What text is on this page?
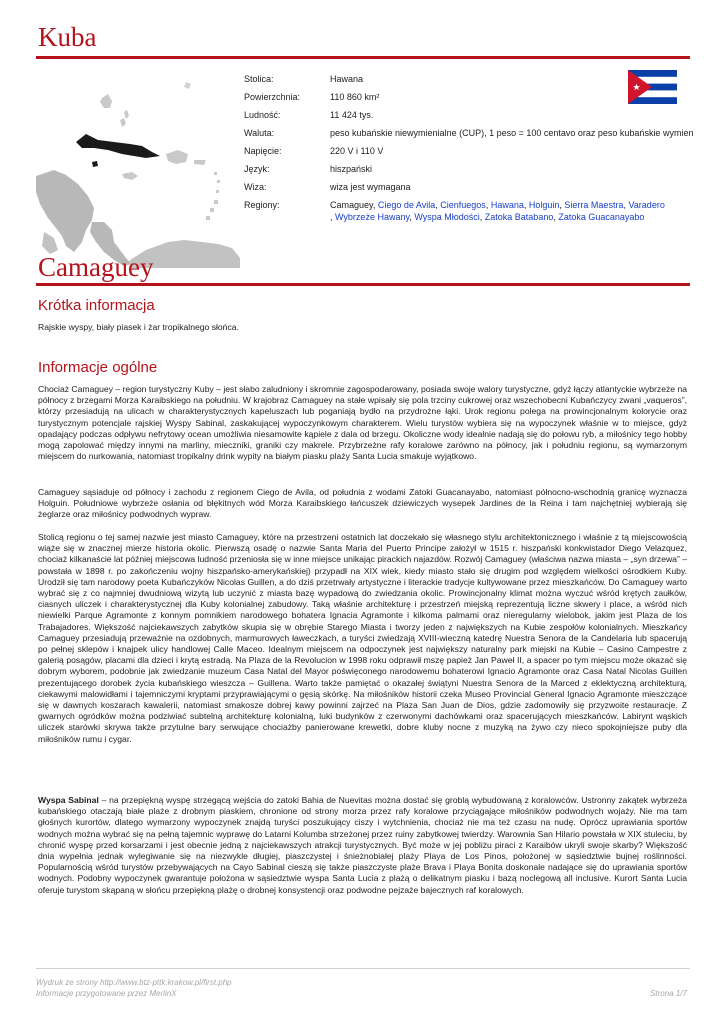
Kuba
Stolica:	Hawana
Powierzchnia:	110 860 km²
Ludność:	11 424 tys.
Waluta:	peso kubańskie niewymienialne (CUP), 1 peso = 100 centavo oraz peso kubańskie wymien
Napięcie:	220 V i 110 V
Język:	hiszpański
Wiza:	wiza jest wymagana
Regiony:	Camaguey, Ciego de Avila, Cienfuegos, Hawana, Holguin, Sierra Maestra, Varadero
, Wybrzeże Hawany, Wyspa Młodości, Zatoka Batabano, Zatoka Guacanayabo
Camaguey
Krótka informacja

Rajskie wyspy, biały piasek i żar tropikalnego słońca.

Informacje ogólne

Chociaż Camaguey – region turystyczny Kuby – jest słabo zaludniony i skromnie zagospodarowany, posiada swoje walory turystyczne, gdyż łączy atlantyckie wybrzeże na północy z brzegami Morza Karaibskiego na południu. W krajobraz Camaguey na stałe wpisały się pola trzciny cukrowej oraz wszechobecni Kubańczycy zwani „vaqueros”, którzy przesiadują na ulicach w charakterystycznych kapeluszach lub poganiają bydło na przydrożne łąki. Urok regionu polega na prowincjonalnym kolorycie oraz turystycznym potencjale rajskiej Wyspy Sabinal, zaskakującej wypoczynkowym charakterem. Wielu turystów wybiera się na wypoczynek właśnie w to miejsce, gdyż opadający podczas odpływu nefrytowy ocean umożliwia niesamowite kąpiele z dala od brzegu. Okoliczne wody idealnie nadają się do połowu ryb, a miłośnicy tego hobby mogą zapolować między innymi na marliny, mieczniki, graniki czy makrele. Przybrzeżne rafy koralowe zarówno na północy, jak i południu regionu, są wymarzonym miejscem do nurkowania, natomiast tropikalny drink wypity na białym piasku plaży Santa Lucia smakuje wyjątkowo.

Camaguey sąsiaduje od północy i zachodu z regionem Ciego de Avila, od południa z wodami Zatoki Guacanayabo, natomiast północno-wschodnią granicę wyznacza Holguin. Południowe wybrzeże osłania od błękitnych wód Morza Karaibskiego łańcuszek dziewiczych wysepek Jardines de la Reina i tam najchętniej wybierają się żeglarze oraz miłośnicy podwodnych wypraw.

Stolicą regionu o tej samej nazwie jest miasto Camaguey, które na przestrzeni ostatnich lat doczekało się własnego stylu architektonicznego i właśnie z tą miejscowością wiąże się w znacznej mierze historia okolic. Pierwszą osadę o nazwie Santa Maria del Puerto Principe założył w 1515 r. hiszpański konkwistador Diego Velazquez, chociaż kilkanaście lat później miejscowa ludność przeniosła się w inne miejsce unikając pirackich najazdów. Rozwój Camaguey (właściwa nazwa miasta – „syn drzewa” – powstała w 1898 r. po zakończeniu wojny hiszpańsko-amerykańskiej) przypadł na XIX wiek, kiedy miasto stało się drugim pod względem wielkości ośrodkiem Kuby. Urodził się tam narodowy poeta Kubańczyków Nicolas Guillen, a do dziś przetrwały artystyczne i literackie tradycje kultywowane przez mieszkańców. Do Camaguey warto wybrać się z co najmniej dwudniową wizytą lub uczynić z miasta bazę wypadową do zwiedzania okolic. Prowincjonalny klimat można wyczuć wśród krętych zaułków, ciasnych uliczek i charakterystycznej dla Kuby kolonialnej zabudowy. Taką właśnie architekturę i przestrzeń miejską reprezentują liczne skwery i place, a wśród nich niewielki Parque Agramonte z konnym pomnikiem narodowego bohatera Ignacia Agramonte i kilkoma palmami oraz nieregularny wielobok, jakim jest Plaza de los Trabajadores. Większość najciekawszych zabytków skupia się w obrębie Starego Miasta i tworzy jeden z największych na Kubie zespołów kolonialnych. Mieszkańcy Camaguey przesiadują przeważnie na ozdobnych, marmurowych ławeczkach, a turyści zwiedzają XVIII-wieczną katedrę Nuestra Senora de la Candelaria lub spacerują po pełnej sklepów i knajpek ulicy handlowej Calle Maceo. Idealnym miejscem na odpoczynek jest największy naturalny park miejski na Kubie – Casino Campestre z galerią posągów, placami dla dzieci i krytą estradą. Na Plaza de la Revolucion w 1998 roku odprawił mszę papież Jan Paweł II, a spacer po tym miejscu może okazać się dobrym wyborem, podobnie jak zwiedzanie muzeum Casa Natal del Mayor poświęconego narodowemu bohaterowi Ignacio Agramonte oraz Casa Natal Nicolas Guillen prezentującego dorobek życia kubańskiego wieszcza – Guillena. Warto także pamiętać o okazałej świątyni Nuestra Senora de la Marced z eklektyczną architekturą, ciekawymi malowidłami i tajemniczymi kryptami przyprawiającymi o gęsią skórkę. Na miłośników historii czeka Museo Provincial General Ignacio Agramonte mieszczące się w dawnych koszarach kawalerii, natomiast smakosze dobrej kawy powinni zajrzeć na Plaza San Juan de Dios, gdzie zadomowiły się przyzwoite restauracje. Z gwarnych ogródków można podziwiać subtelną architekturę kolonialną, luki budynków z czerwonymi dachówkami oraz spacerujących mieszkańców. Labirynt wąskich uliczek starówki skrywa także przytulne bary serwujące chociażby panierowane krewetki, dobre kluby nocne z muzyką na żywo czy nieco spokojniejsze puby dla miłośników rumu i cygar.

Wyspa Sabinal – na przepiękną wyspę strzegącą wejścia do zatoki Bahia de Nuevitas można dostać się groblą wybudowaną z koralowców. Ustronny zakątek wybrzeża kubańskiego otaczają białe plaże z drobnym piaskiem, chronione od strony morza przez rafy koralowe przyciągające miłośników podwodnych wojaży. Nie ma tam głośnych kurortów, dlatego wymarzony wypoczynek znajdą turyści poszukujący ciszy i wytchnienia, chociaż nie ma też czasu na nudę. Oprócz uprawiania sportów wodnych można wybrać się na pełną tajemnic wyprawę do Latarni Kolumba strzeżonej przez ruiny zabytkowej twierdzy. Warownia San Hilario powstała w XIX stuleciu, by chronić wyspę przed korsarzami i jest obecnie jedną z najciekawszych atrakcji turystycznych. Być może w jej pobliżu piraci z Karaibów ukryli swoje skarby? Większość dnia wypełnia jednak wylegiwanie się na niezwykle długiej, piaszczystej i śnieżnobiałej plaży Playa de Los Pinos, położonej w sąsiedztwie bujnej roślinności. Popularnością wśród turystów przebywających na Cayo Sabinal cieszą się także piaszczyste plaże Brava i Playa Bonita doskonale nadające się do uprawiania sportów wodnych. Podobny wypoczynek gwarantuje położona w sąsiedztwie wyspa Santa Lucia z plażą o delikatnym piasku i bazą noclegową all inclusive. Kurort Santa Lucia oferuje turystom skąpaną w słońcu przepiękną plażę o drobnej konsystencji oraz podwodne pejzaże bajecznych raf koralowych.

Wydruk ze strony http://www.btz-pttk.krakow.pl/first.php
Informacje przygotowane przez MerlinX	Strona 1/7
